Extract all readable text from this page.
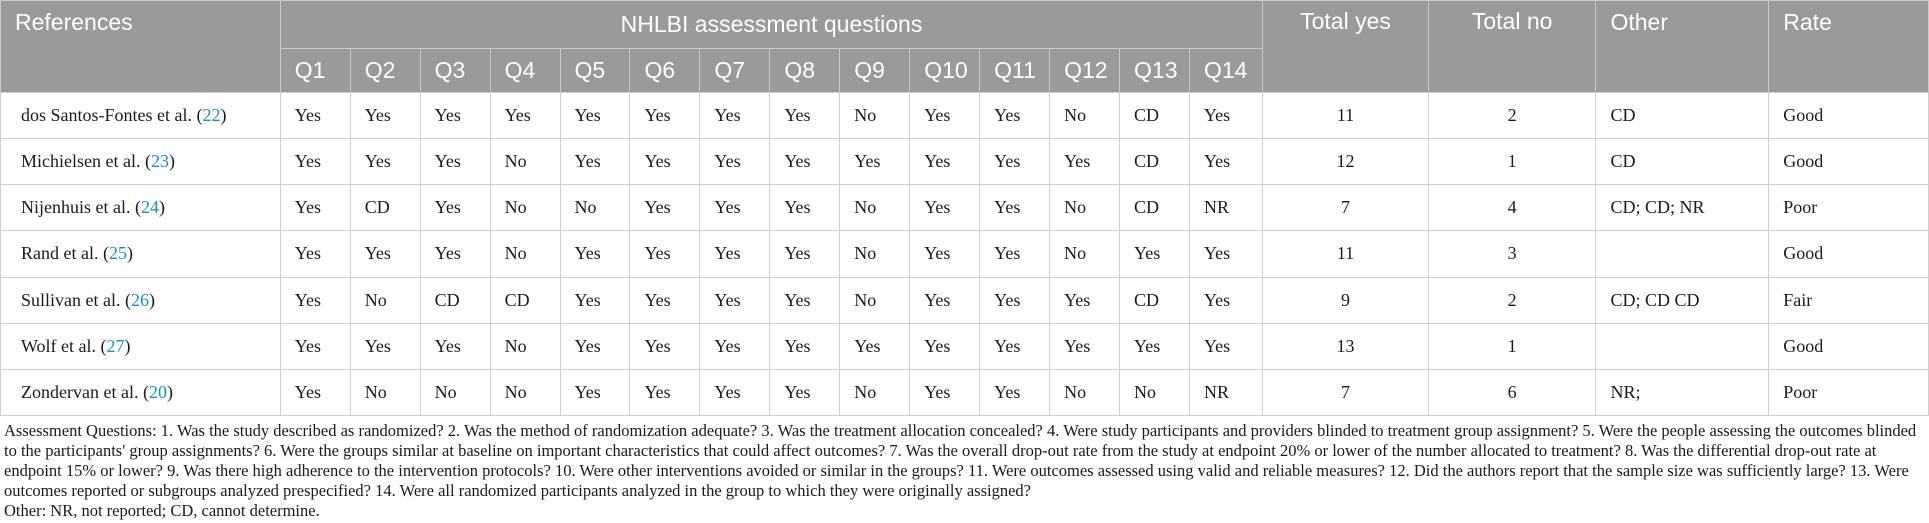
References	NHLBI assessment questions														Total yes	Total no	Other	Rate
	Q1	Q2	Q3	Q4	Q5	Q6	Q7	Q8	Q9	Q10	Q11	Q12	Q13	Q14				
dos Santos-Fontes et al. (22)	Yes	Yes	Yes	Yes	Yes	Yes	Yes	Yes	No	Yes	Yes	No	CD	Yes	11	2	CD	Good
Michielsen et al. (23)	Yes	Yes	Yes	No	Yes	Yes	Yes	Yes	Yes	Yes	Yes	Yes	CD	Yes	12	1	CD	Good
Nijenhuis et al. (24)	Yes	CD	Yes	No	No	Yes	Yes	Yes	No	Yes	Yes	No	CD	NR	7	4	CD; CD; NR	Poor
Rand et al. (25)	Yes	Yes	Yes	No	Yes	Yes	Yes	Yes	No	Yes	Yes	No	Yes	Yes	11	3		Good
Sullivan et al. (26)	Yes	No	CD	CD	Yes	Yes	Yes	Yes	No	Yes	Yes	Yes	CD	Yes	9	2	CD; CD CD	Fair
Wolf et al. (27)	Yes	Yes	Yes	No	Yes	Yes	Yes	Yes	Yes	Yes	Yes	Yes	Yes	Yes	13	1		Good
Zondervan et al. (20)	Yes	No	No	No	Yes	Yes	Yes	Yes	No	Yes	Yes	No	No	NR	7	6	NR;	Poor

Assessment Questions: 1. Was the study described as randomized? 2. Was the method of randomization adequate? 3. Was the treatment allocation concealed? 4. Were study participants and providers blinded to treatment group assignment? 5. Were the people assessing the outcomes blinded to the participants' group assignments? 6. Were the groups similar at baseline on important characteristics that could affect outcomes? 7. Was the overall drop-out rate from the study at endpoint 20% or lower of the number allocated to treatment? 8. Was the differential drop-out rate at endpoint 15% or lower? 9. Was there high adherence to the intervention protocols? 10. Were other interventions avoided or similar in the groups? 11. Were outcomes assessed using valid and reliable measures? 12. Did the authors report that the sample size was sufficiently large? 13. Were outcomes reported or subgroups analyzed prespecified? 14. Were all randomized participants analyzed in the group to which they were originally assigned?

Other: NR, not reported; CD, cannot determine.
